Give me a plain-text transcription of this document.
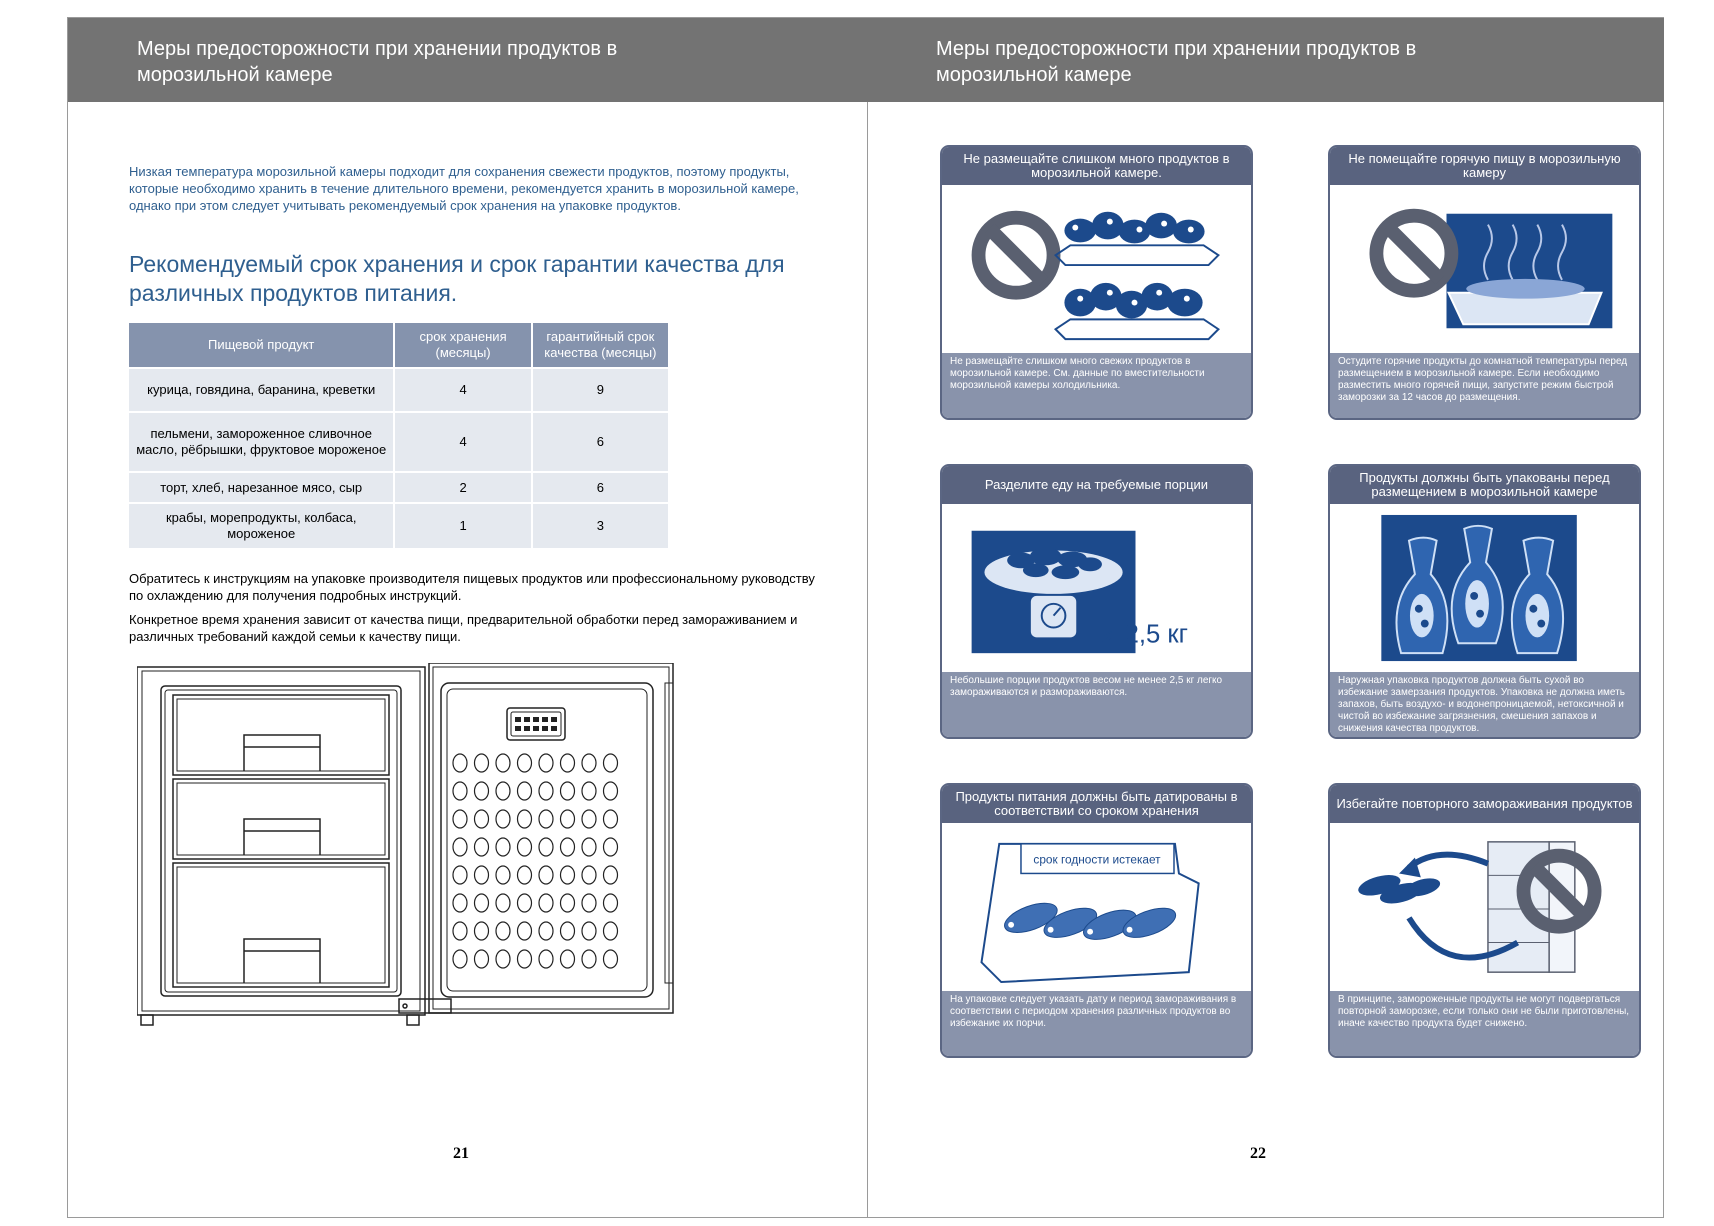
Меры предосторожности при хранении продуктов в
морозильной камере
Низкая температура морозильной камеры подходит для сохранения свежести продуктов, поэтому продукты, которые необходимо хранить в течение длительного времени, рекомендуется хранить в морозильной камере, однако при этом следует учитывать рекомендуемый срок хранения на упаковке продуктов.
Рекомендуемый срок хранения и срок гарантии качества для различных продуктов питания.
Пищевой продукт	срок хранения (месяцы)	гарантийный срок качества (месяцы)
курица, говядина, баранина, креветки	4	9
пельмени, замороженное сливочное масло, рёбрышки, фруктовое мороженое	4	6
торт, хлеб, нарезанное мясо, сыр	2	6
крабы, морепродукты, колбаса, мороженое	1	3
Обратитесь к инструкциям на упаковке производителя пищевых продуктов или профессиональному руководству по охлаждению для получения подробных инструкций.
Конкретное время хранения зависит от качества пищи, предварительной обработки перед замораживанием и различных требований каждой семьи к качеству пищи.
21
Меры предосторожности при хранении продуктов в
морозильной камере
Не размещайте слишком много продуктов в морозильной камере.
Не размещайте слишком много свежих продуктов в морозильной камере. См. данные по вместительности морозильной камеры холодильника.
Не помещайте горячую пищу в морозильную камеру
Остудите горячие продукты до комнатной температуры перед размещением в морозильной камере. Если необходимо разместить много горячей пищи, запустите режим быстрой заморозки за 12 часов до размещения.
Разделите еду на требуемые порции
≤ 2,5 кг
Небольшие порции продуктов весом не менее 2,5 кг легко замораживаются и размораживаются.
Продукты должны быть упакованы перед размещением в морозильной камере
Наружная упаковка продуктов должна быть сухой во избежание замерзания продуктов. Упаковка не должна иметь запахов, быть воздухо- и водонепроницаемой, нетоксичной и чистой во избежание загрязнения, смешения запахов и снижения качества продуктов.
Продукты питания должны быть датированы в соответствии со сроком хранения
срок годности истекает
На упаковке следует указать дату и период замораживания в соответствии с периодом хранения различных продуктов во избежание их порчи.
Избегайте повторного замораживания продуктов
В принципе, замороженные продукты не могут подвергаться повторной заморозке, если только они не были приготовлены, иначе качество продукта будет снижено.
22
